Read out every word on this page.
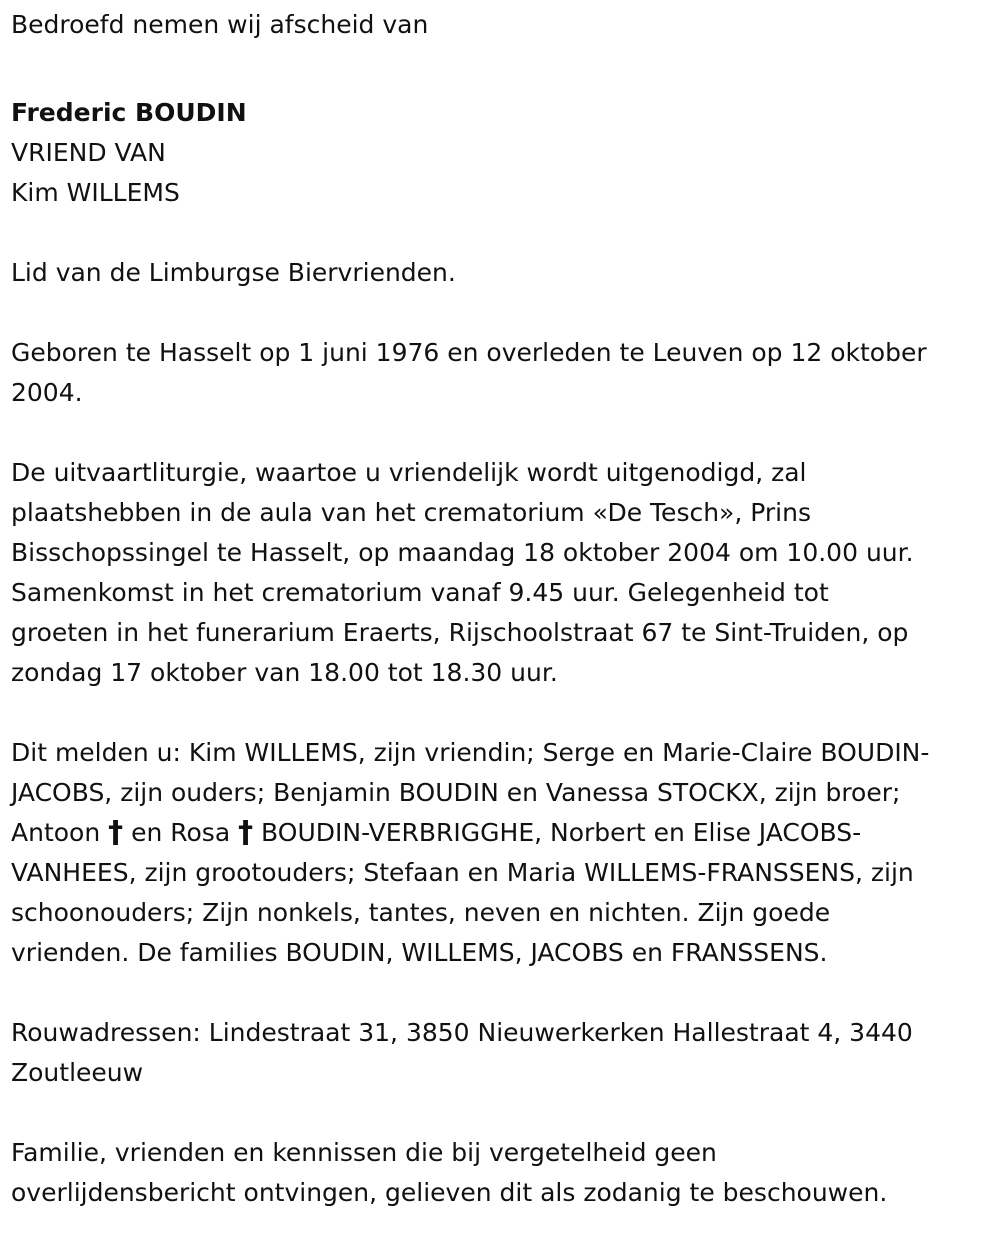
Bedroefd nemen wij afscheid van
Frederic BOUDIN
VRIEND VAN
Kim WILLEMS
Lid van de Limburgse Biervrienden.
Geboren te Hasselt op 1 juni 1976 en overleden te Leuven op 12 oktober
2004.
De uitvaartliturgie, waartoe u vriendelijk wordt uitgenodigd, zal
plaatshebben in de aula van het crematorium «De Tesch», Prins
Bisschopssingel te Hasselt, op maandag 18 oktober 2004 om 10.00 uur.
Samenkomst in het crematorium vanaf 9.45 uur. Gelegenheid tot
groeten in het funerarium Eraerts, Rijschoolstraat 67 te Sint-Truiden, op
zondag 17 oktober van 18.00 tot 18.30 uur.
Dit melden u: Kim WILLEMS, zijn vriendin; Serge en Marie-Claire BOUDIN-
JACOBS, zijn ouders; Benjamin BOUDIN en Vanessa STOCKX, zijn broer;
Antoon † en Rosa † BOUDIN-VERBRIGGHE, Norbert en Elise JACOBS-
VANHEES, zijn grootouders; Stefaan en Maria WILLEMS-FRANSSENS, zijn
schoonouders; Zijn nonkels, tantes, neven en nichten. Zijn goede
vrienden. De families BOUDIN, WILLEMS, JACOBS en FRANSSENS.
Rouwadressen: Lindestraat 31, 3850 Nieuwerkerken Hallestraat 4, 3440
Zoutleeuw
Familie, vrienden en kennissen die bij vergetelheid geen
overlijdensbericht ontvingen, gelieven dit als zodanig te beschouwen.
